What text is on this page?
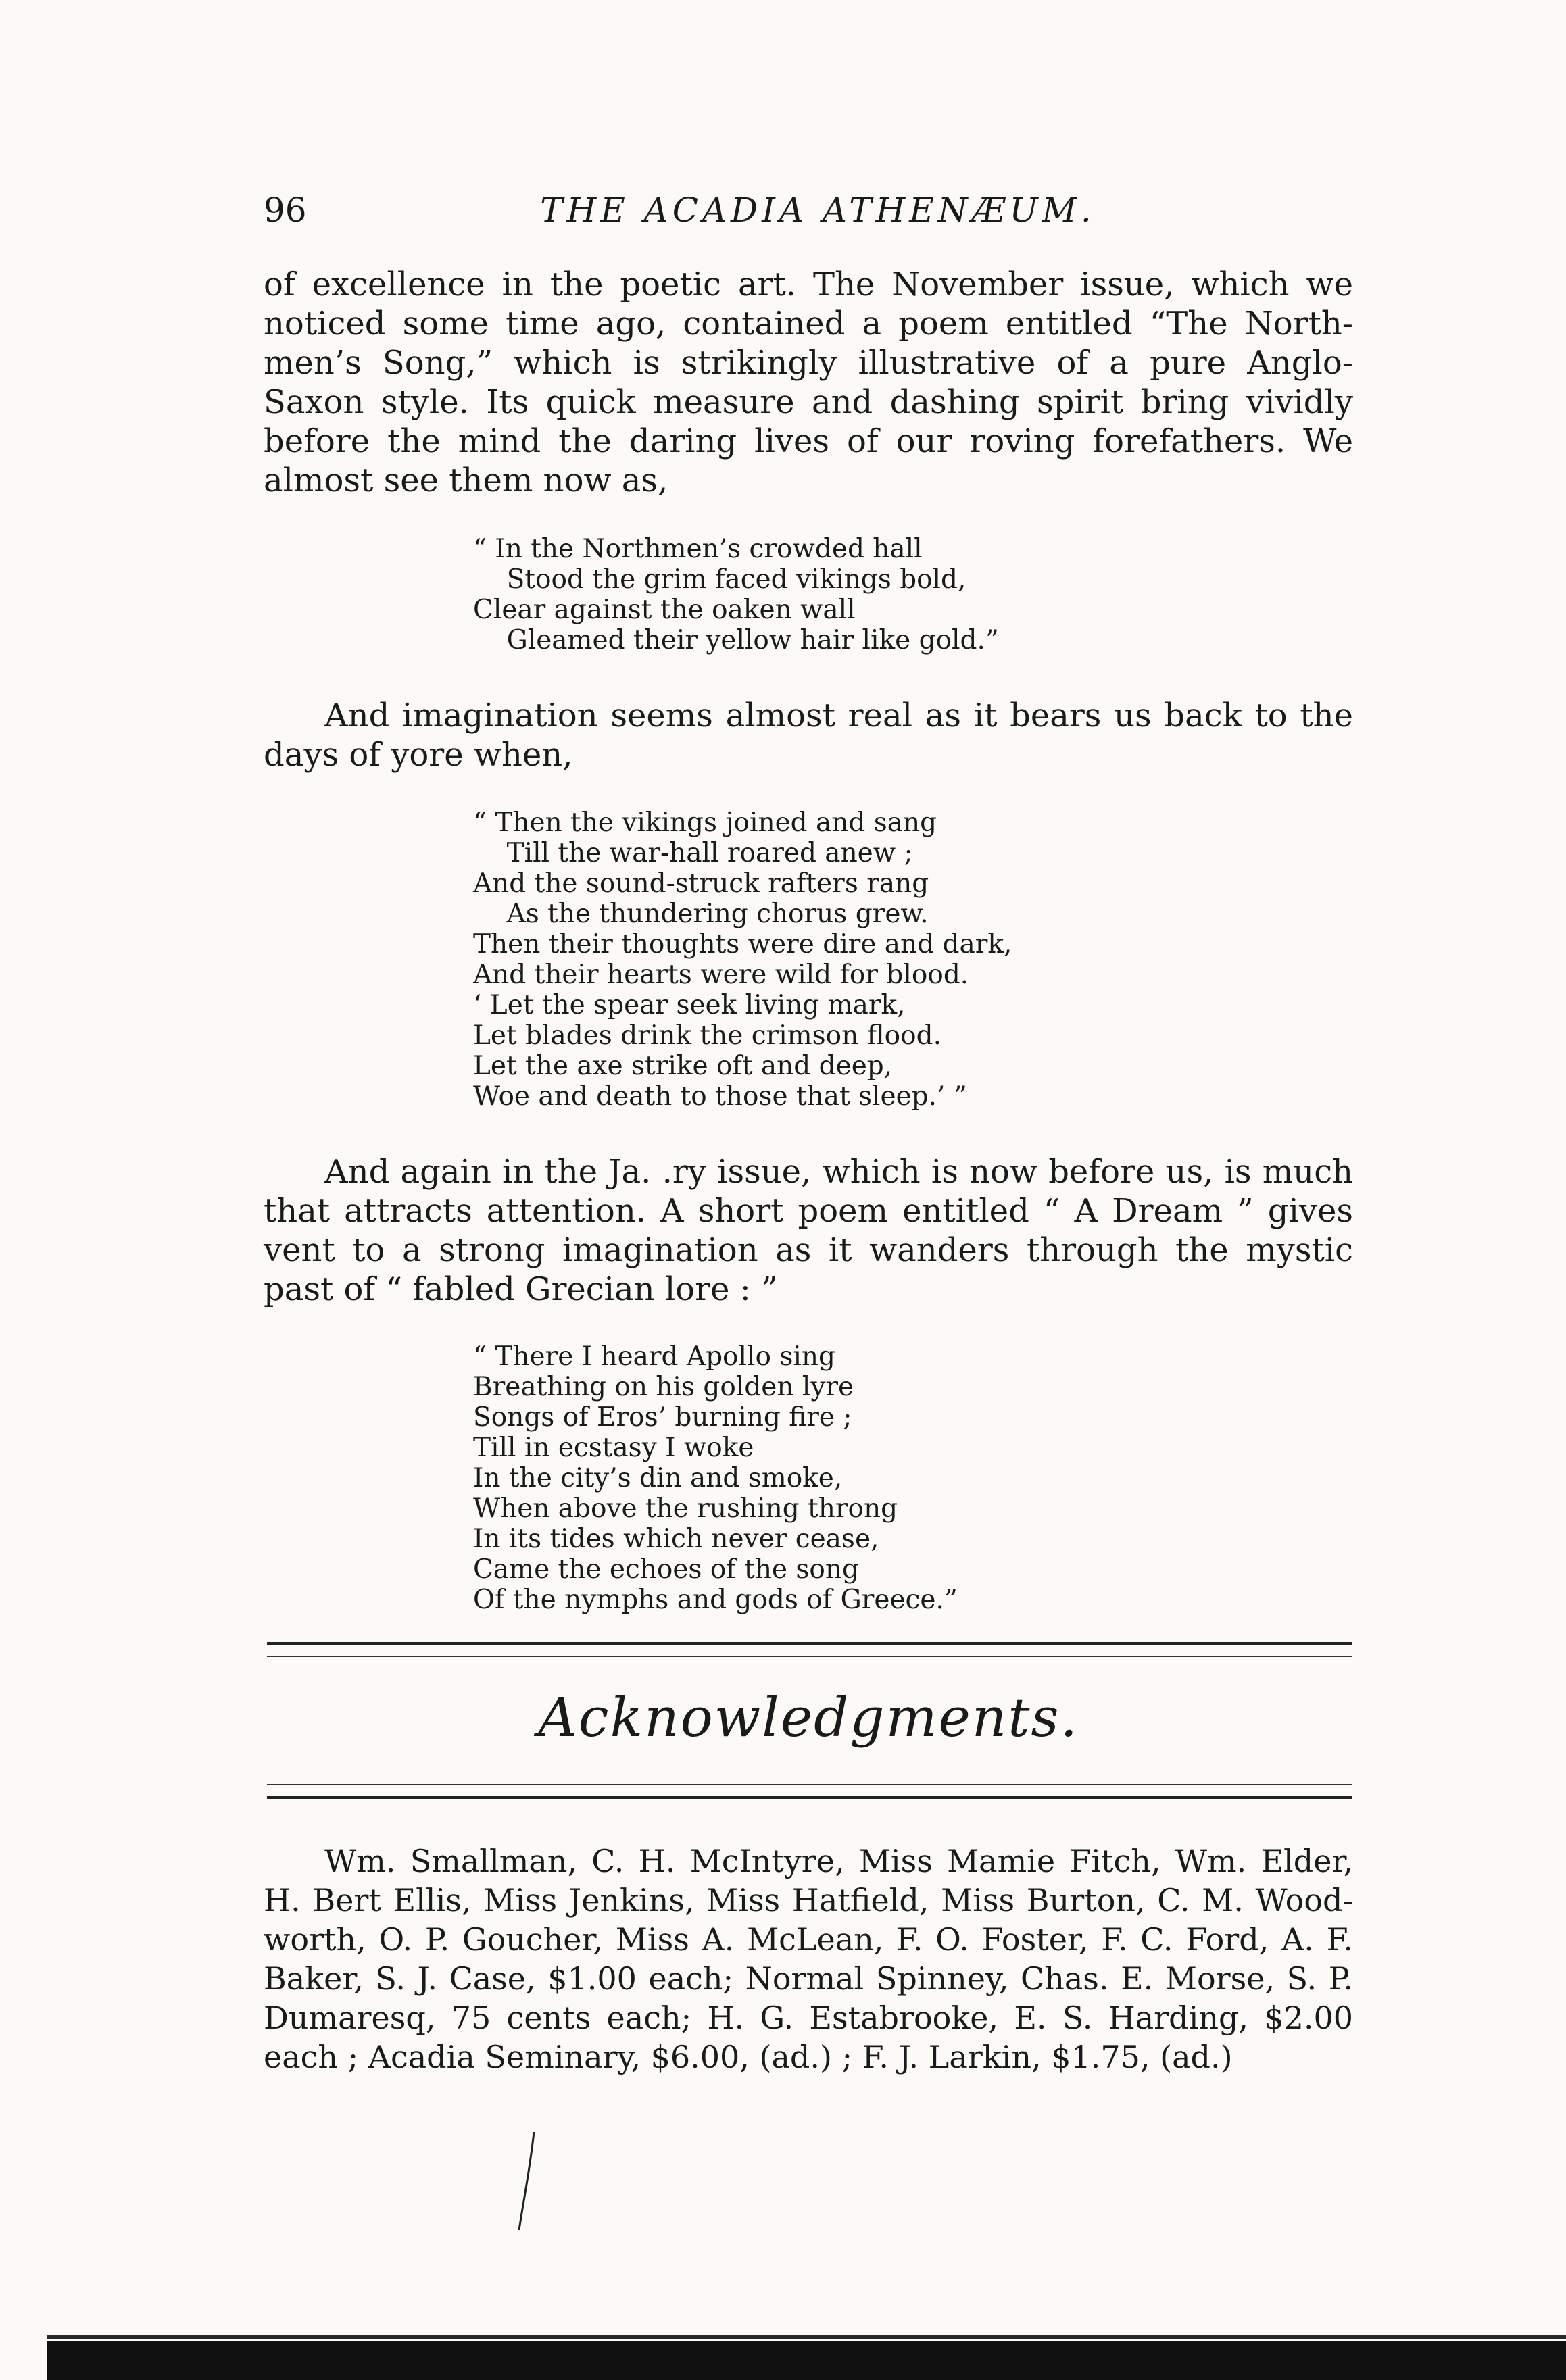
96	THE ACADIA ATHENÆUM.

of excellence in the poetic art. The November issue, which we noticed some time ago, contained a poem entitled “The Northmen’s Song,” which is strikingly illustrative of a pure Anglo-Saxon style. Its quick measure and dashing spirit bring vividly before the mind the daring lives of our roving forefathers. We almost see them now as,

“ In the Northmen’s crowded hall
Stood the grim faced vikings bold,
Clear against the oaken wall
Gleamed their yellow hair like gold.”

And imagination seems almost real as it bears us back to the days of yore when,

“ Then the vikings joined and sang
Till the war-hall roared anew ;
And the sound-struck rafters rang
As the thundering chorus grew.
Then their thoughts were dire and dark,
And their hearts were wild for blood.
‘ Let the spear seek living mark,
Let blades drink the crimson flood.
Let the axe strike oft and deep,
Woe and death to those that sleep.’ ”

And again in the Ja. .ry issue, which is now before us, is much that attracts attention. A short poem entitled “ A Dream ” gives vent to a strong imagination as it wanders through the mystic past of “ fabled Grecian lore : ”

“ There I heard Apollo sing
Breathing on his golden lyre
Songs of Eros’ burning fire ;
Till in ecstasy I woke
In the city’s din and smoke,
When above the rushing throng
In its tides which never cease,
Came the echoes of the song
Of the nymphs and gods of Greece.”
Acknowledgments.

Wm. Smallman, C. H. McIntyre, Miss Mamie Fitch, Wm. Elder, H. Bert Ellis, Miss Jenkins, Miss Hatfield, Miss Burton, C. M. Woodworth, O. P. Goucher, Miss A. McLean, F. O. Foster, F. C. Ford, A. F. Baker, S. J. Case, $1.00 each; Normal Spinney, Chas. E. Morse, S. P. Dumaresq, 75 cents each; H. G. Estabrooke, E. S. Harding, $2.00 each ; Acadia Seminary, $6.00, (ad.) ; F. J. Larkin, $1.75, (ad.)
